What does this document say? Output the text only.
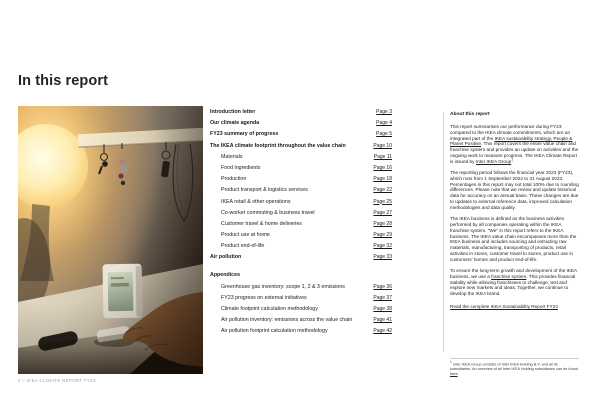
In this report
Introduction letter	Page 3
Our climate agenda	Page 4
FY23 summary of progress	Page 5
The IKEA climate footprint throughout the value chain	Page 10
Materials	Page 11
Food ingredients	Page 16
Production	Page 18
Product transport & logistics services	Page 22
IKEA retail & other operations	Page 25
Co-worker commuting & business travel	Page 27
Customer travel & home deliveries	Page 28
Product use at home	Page 29
Product end-of-life	Page 32
Air pollution	Page 33
Appendices
Greenhouse gas inventory: scope 1, 2 & 3 emissions	Page 36
FY23 progress on external initiatives	Page 37
Climate footprint calculation methodology	Page 38
Air pollution inventory: emissions across the value chain	Page 41
Air pollution footprint calculation methodology	Page 42
About this report

This report summarises our performance during FY23 compared to the IKEA climate commitments, which are an integrated part of the IKEA sustainability strategy, People & Planet Positive. This report covers the entire value chain and franchise system and provides an update on activities and the ongoing work to measure progress. The IKEA Climate Report is issued by Inter IKEA Group$^1$.

The reporting period follows the financial year 2023 (FY23), which runs from 1 September 2022 to 31 August 2023. Percentages in this report may not total 100% due to rounding differences. Please note that we review and update historical data for accuracy on an annual basis. These changes are due to updates to external reference data, improved calculation methodologies and data quality.

The IKEA business is defined as the business activities performed by all companies operating within the IKEA franchise system. "We" in this report refers to the IKEA business. The IKEA value chain encompasses more than the IKEA business and includes sourcing and extracting raw materials, manufacturing, transporting of products, retail activities in stores, customer travel to stores, product use in customers' homes and product end-of-life.

To ensure the long-term growth and development of the IKEA business, we use a franchise system. This provides financial stability while allowing franchisees to challenge, test and explore new markets and ideas. Together, we continue to develop the IKEA brand.

Read the complete IKEA Sustainability Report FY23

$^1$ Inter IKEA Group consists of Inter IKEA Holding B.V. and all its subsidiaries. An overview of all Inter IKEA Holding subsidiaries can be found here.

2 – IKEA CLIMATE REPORT FY23
